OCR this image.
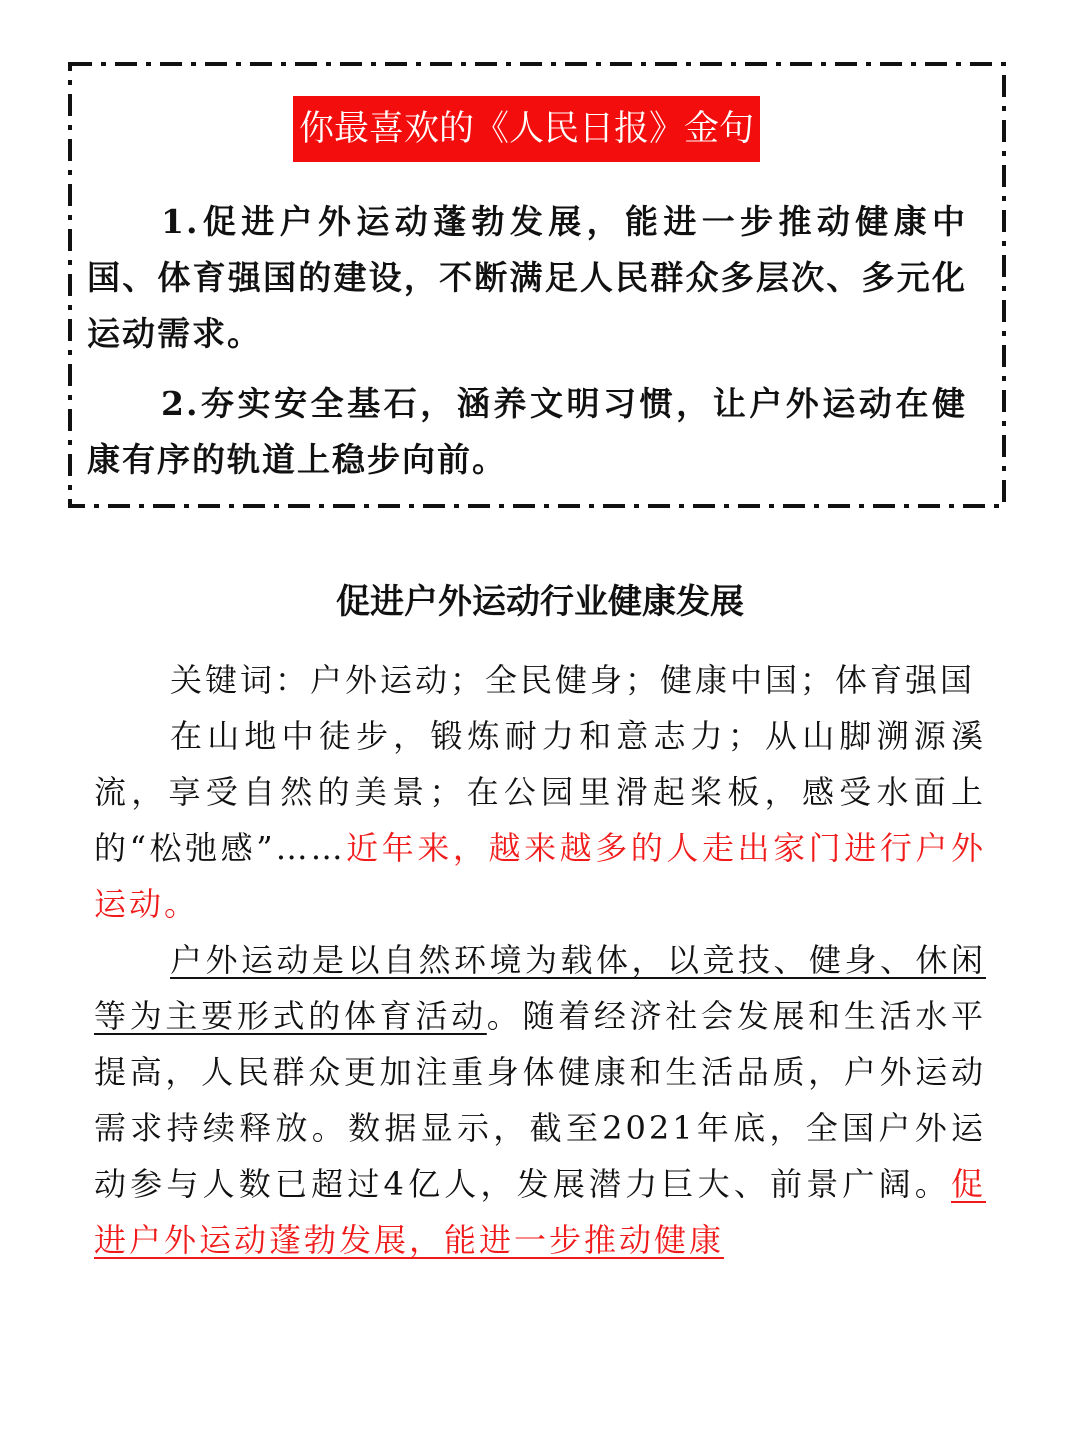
你最喜欢的《人民日报》金句

1.促进户外运动蓬勃发展，能进一步推动健康中国、体育强国的建设，不断满足人民群众多层次、多元化运动需求。

2.夯实安全基石，涵养文明习惯，让户外运动在健康有序的轨道上稳步向前。

促进户外运动行业健康发展

关键词：户外运动；全民健身；健康中国；体育强国

在山地中徒步，锻炼耐力和意志力；从山脚溯源溪流，享受自然的美景；在公园里滑起桨板，感受水面上的“松弛感”……近年来，越来越多的人走出家门进行户外运动。

户外运动是以自然环境为载体，以竞技、健身、休闲等为主要形式的体育活动。随着经济社会发展和生活水平提高，人民群众更加注重身体健康和生活品质，户外运动需求持续释放。数据显示，截至2021年底，全国户外运动参与人数已超过4亿人，发展潜力巨大、前景广阔。促进户外运动蓬勃发展，能进一步推动健康
